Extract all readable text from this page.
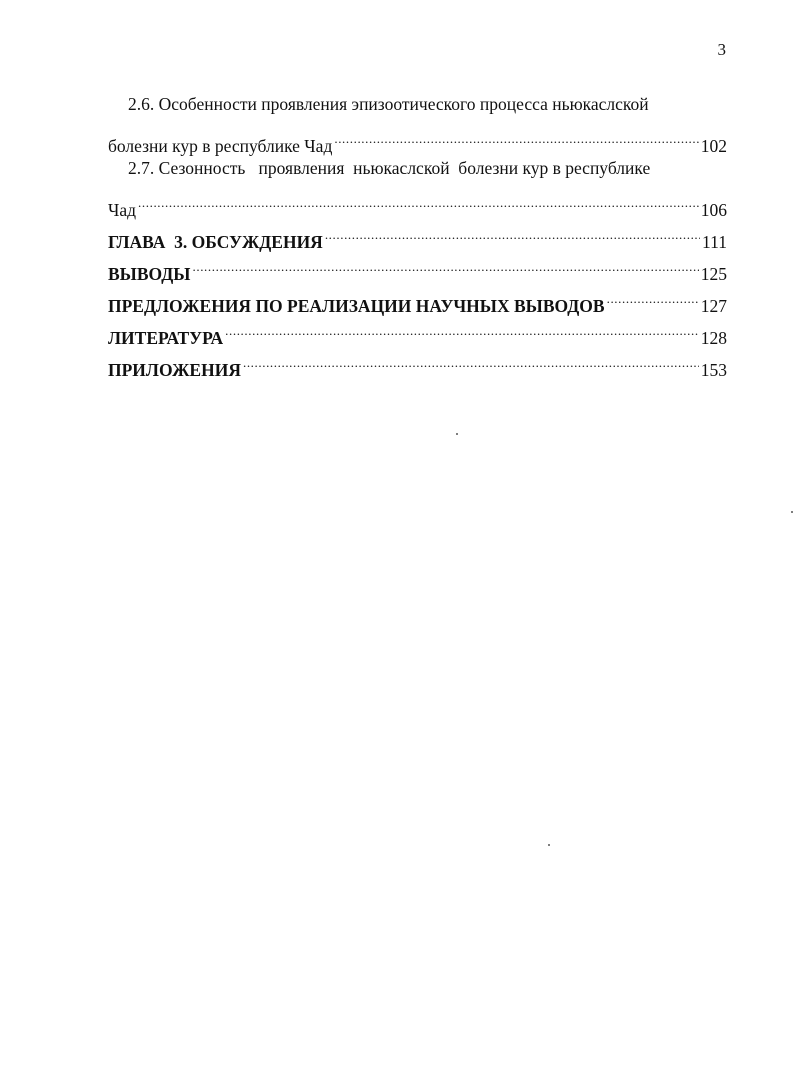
3
2.6. Особенности проявления эпизоотического процесса ньюкаслской
болезни кур в республике Чад .....	102
2.7. Сезонность   проявления  ньюкаслской  болезни кур в республике
Чад .....	106
ГЛАВА  3. ОБСУЖДЕНИЯ .....	111
ВЫВОДЫ .....	125
ПРЕДЛОЖЕНИЯ ПО РЕАЛИЗАЦИИ НАУЧНЫХ ВЫВОДОВ .....	127
ЛИТЕРАТУРА .....	128
ПРИЛОЖЕНИЯ .....	153
